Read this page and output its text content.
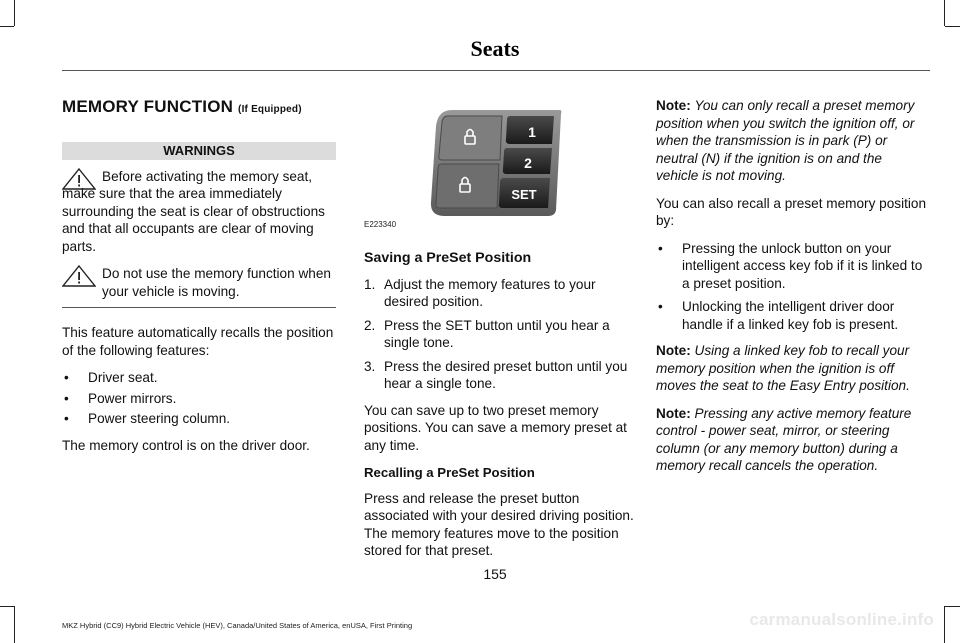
Seats
MEMORY FUNCTION (If Equipped)
WARNINGS

Before activating the memory seat, make sure that the area immediately surrounding the seat is clear of obstructions and that all occupants are clear of moving parts.

Do not use the memory function when your vehicle is moving.

This feature automatically recalls the position of the following features:

• Driver seat.
• Power mirrors.
• Power steering column.

The memory control is on the driver door.

1
2
SET
E223340
Saving a PreSet Position
1. Adjust the memory features to your desired position.
2. Press the SET button until you hear a single tone.
3. Press the desired preset button until you hear a single tone.

You can save up to two preset memory positions. You can save a memory preset at any time.

Recalling a PreSet Position

Press and release the preset button associated with your desired driving position. The memory features move to the position stored for that preset.

Note: You can only recall a preset memory position when you switch the ignition off, or when the transmission is in park (P) or neutral (N) if the ignition is on and the vehicle is not moving.

You can also recall a preset memory position by:

• Pressing the unlock button on your intelligent access key fob if it is linked to a preset position.
• Unlocking the intelligent driver door handle if a linked key fob is present.

Note: Using a linked key fob to recall your memory position when the ignition is off moves the seat to the Easy Entry position.

Note: Pressing any active memory feature control - power seat, mirror, or steering column (or any memory button) during a memory recall cancels the operation.

155
MKZ Hybrid (CC9) Hybrid Electric Vehicle (HEV), Canada/United States of America, enUSA, First Printing	carmanualsonline.info
